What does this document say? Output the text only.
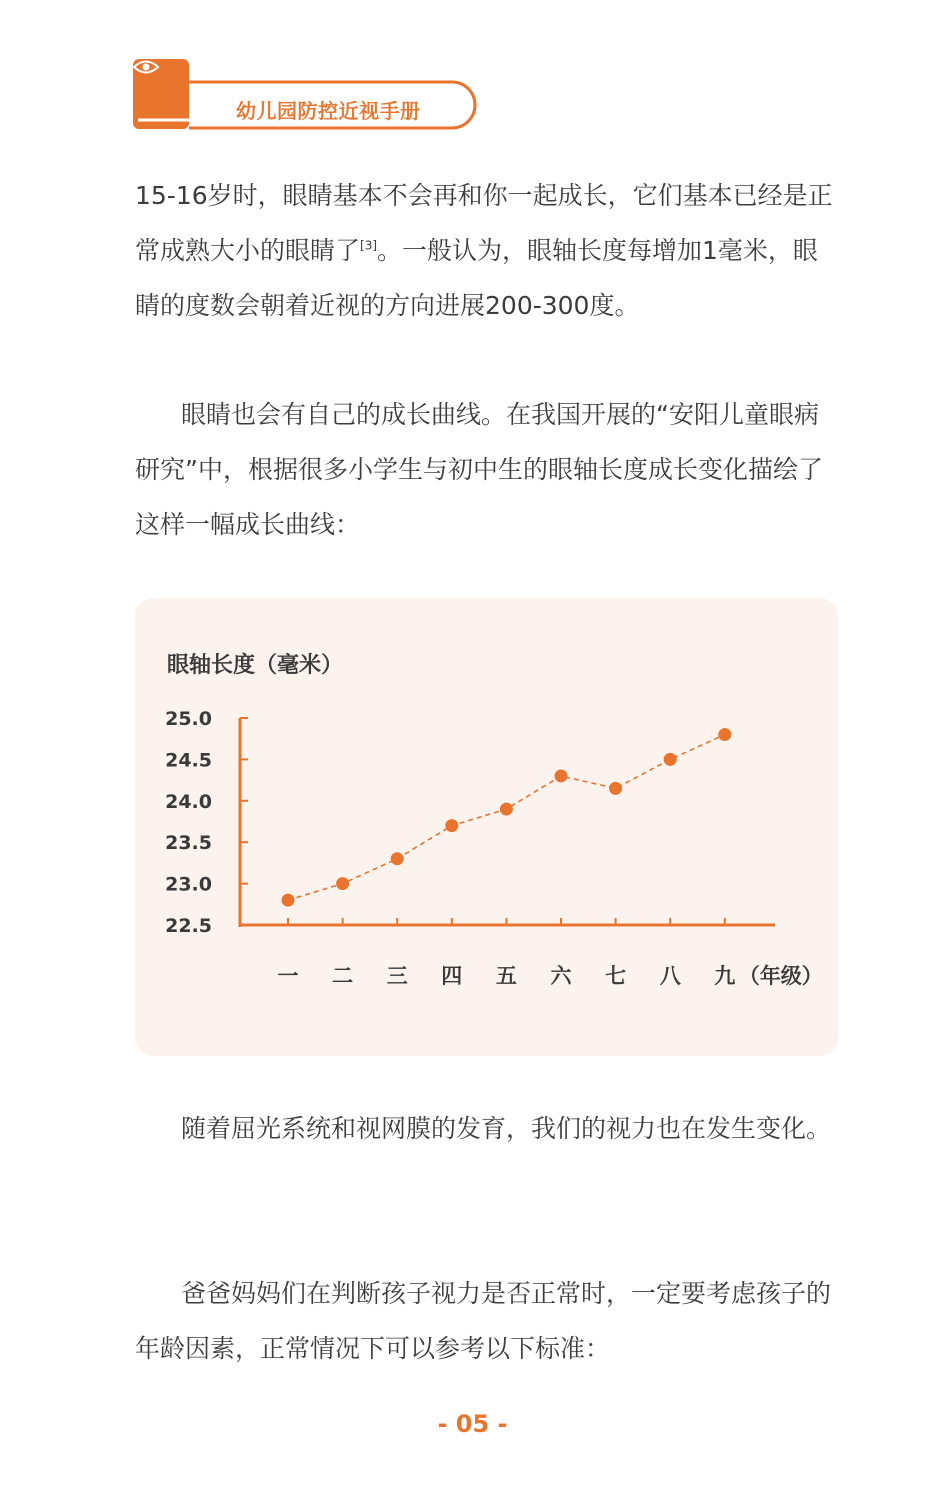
幼儿园防控近视手册

15-16岁时，眼睛基本不会再和你一起成长，它们基本已经是正常成熟大小的眼睛了[3]。一般认为，眼轴长度每增加1毫米，眼睛的度数会朝着近视的方向进展200-300度。

眼睛也会有自己的成长曲线。在我国开展的“安阳儿童眼病研究”中，根据很多小学生与初中生的眼轴长度成长变化描绘了这样一幅成长曲线：

眼轴长度（毫米）
25.0
24.5
24.0
23.5
23.0
22.5
一 二 三 四 五 六 七 八 九 （年级）

随着屈光系统和视网膜的发育，我们的视力也在发生变化。

爸爸妈妈们在判断孩子视力是否正常时，一定要考虑孩子的年龄因素，正常情况下可以参考以下标准：

- 05 -
